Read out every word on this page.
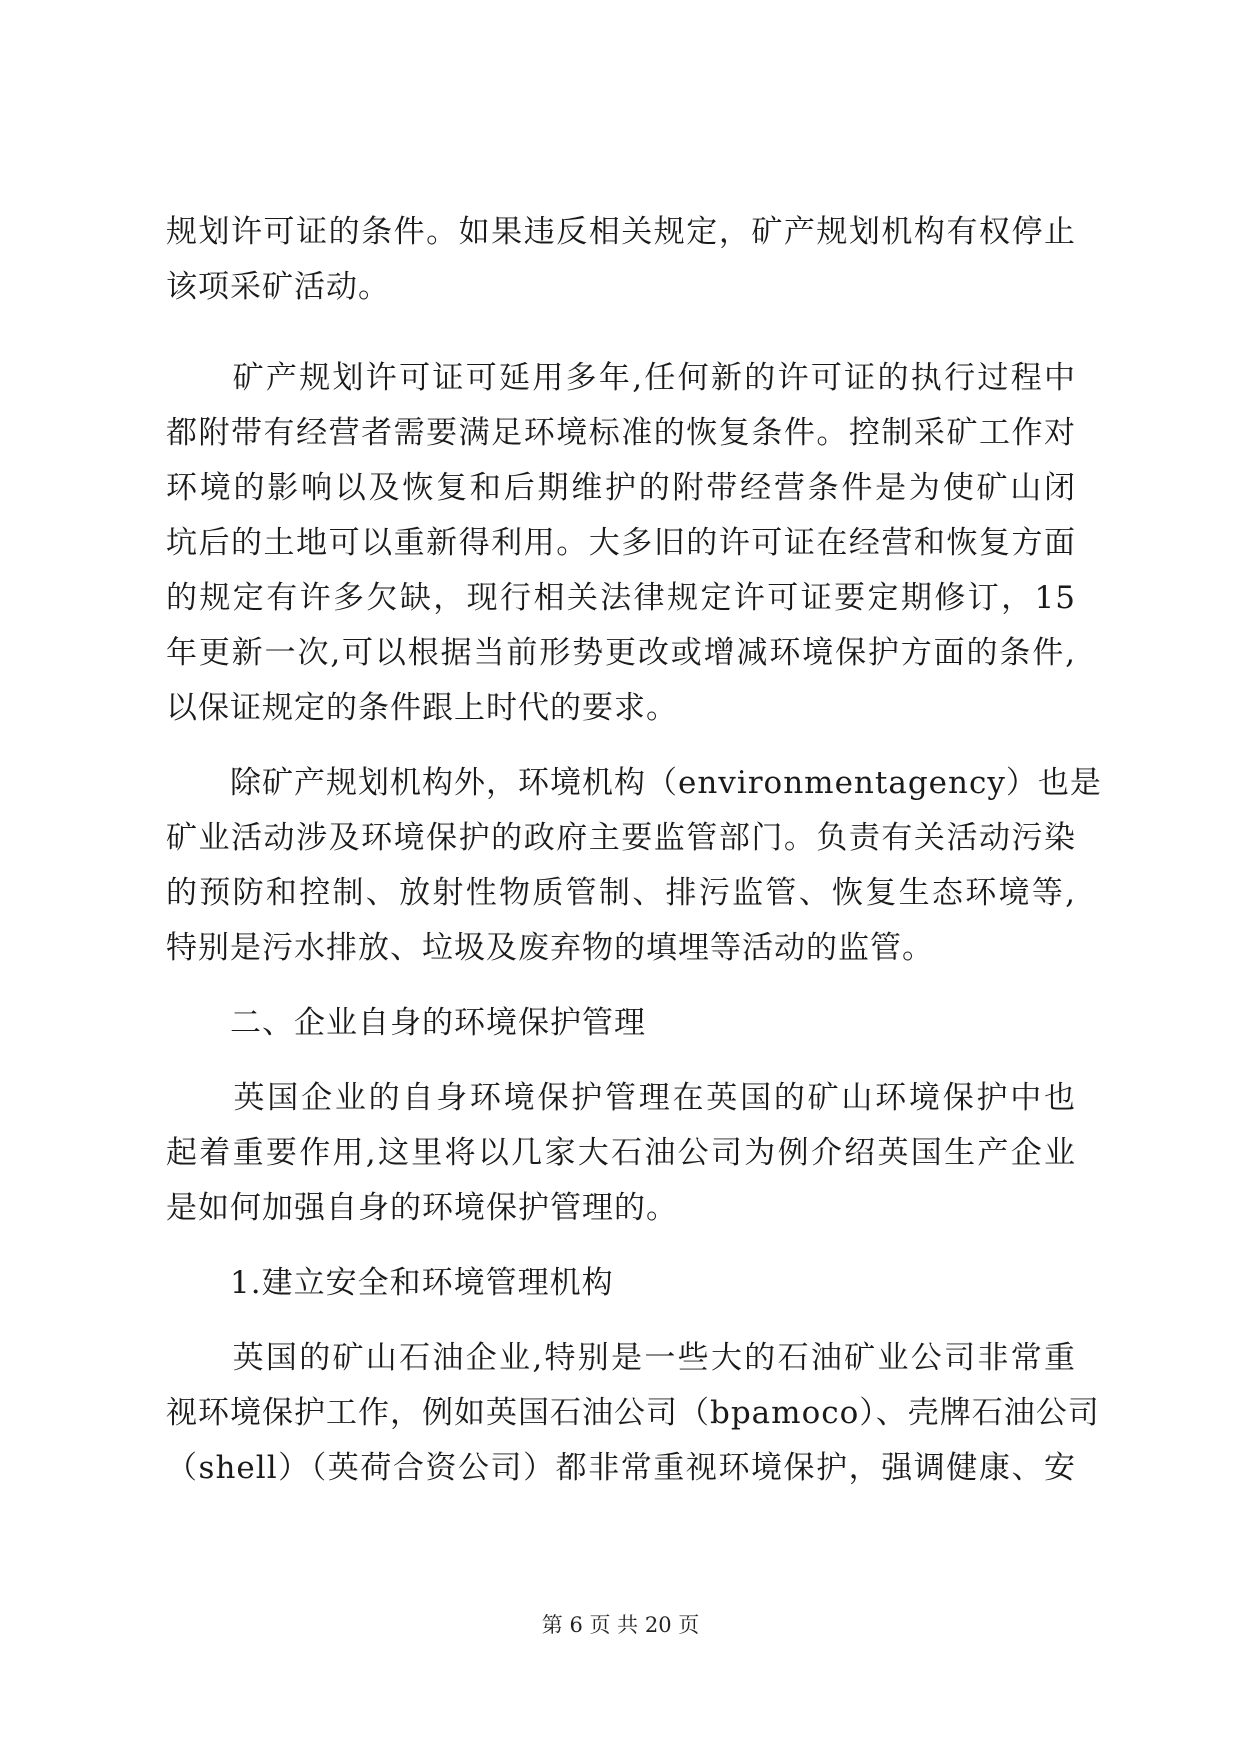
规划许可证的条件。如果违反相关规定，矿产规划机构有权停止
该项采矿活动。
　　矿产规划许可证可延用多年,任何新的许可证的执行过程中
都附带有经营者需要满足环境标准的恢复条件。控制采矿工作对
环境的影响以及恢复和后期维护的附带经营条件是为使矿山闭
坑后的土地可以重新得利用。大多旧的许可证在经营和恢复方面
的规定有许多欠缺，现行相关法律规定许可证要定期修订，15
年更新一次,可以根据当前形势更改或增减环境保护方面的条件,
以保证规定的条件跟上时代的要求。
　　除矿产规划机构外，环境机构（environmentagency）也是
矿业活动涉及环境保护的政府主要监管部门。负责有关活动污染
的预防和控制、放射性物质管制、排污监管、恢复生态环境等,
特别是污水排放、垃圾及废弃物的填埋等活动的监管。
　　二、企业自身的环境保护管理
　　英国企业的自身环境保护管理在英国的矿山环境保护中也
起着重要作用,这里将以几家大石油公司为例介绍英国生产企业
是如何加强自身的环境保护管理的。
　　1.建立安全和环境管理机构
　　英国的矿山石油企业,特别是一些大的石油矿业公司非常重
视环境保护工作，例如英国石油公司（bpamoco）、壳牌石油公司
（shell）（英荷合资公司）都非常重视环境保护，强调健康、安
第 6 页 共 20 页
